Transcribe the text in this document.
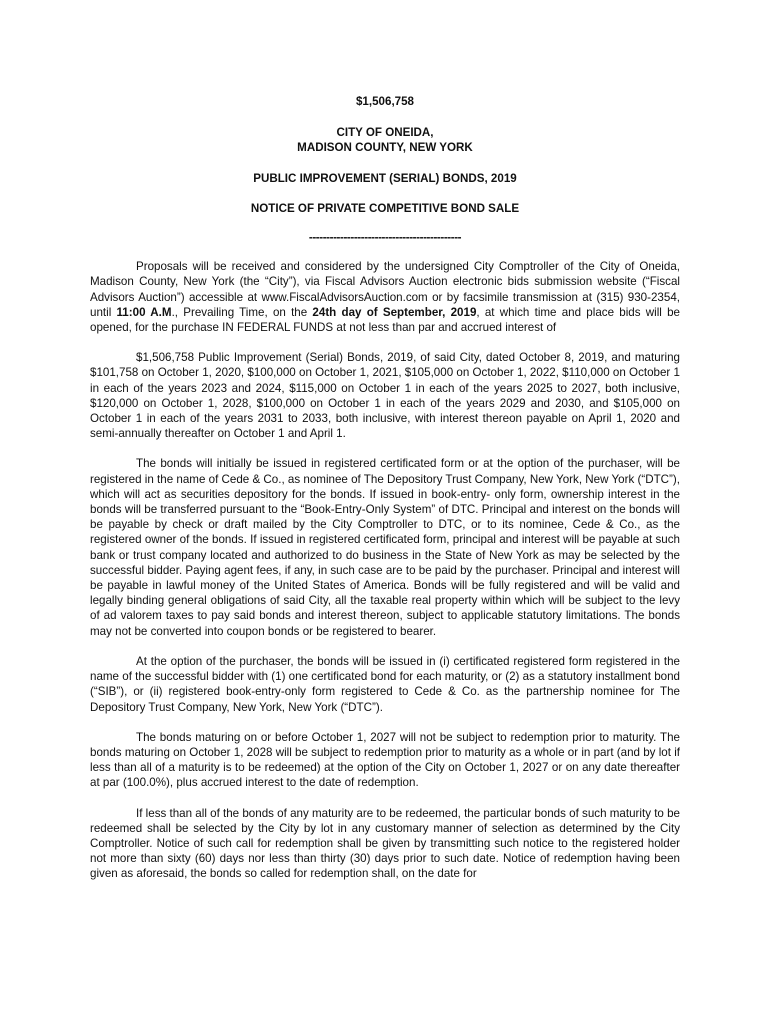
$1,506,758
CITY OF ONEIDA,
MADISON COUNTY, NEW YORK
PUBLIC IMPROVEMENT (SERIAL) BONDS, 2019
NOTICE OF PRIVATE COMPETITIVE BOND SALE
--------------------------------------------

Proposals will be received and considered by the undersigned City Comptroller of the City of Oneida, Madison County, New York (the “City”), via Fiscal Advisors Auction electronic bids submission website (“Fiscal Advisors Auction”) accessible at www.FiscalAdvisorsAuction.com or by facsimile transmission at (315) 930-2354, until 11:00 A.M., Prevailing Time, on the 24th day of September, 2019, at which time and place bids will be opened, for the purchase IN FEDERAL FUNDS at not less than par and accrued interest of

$1,506,758 Public Improvement (Serial) Bonds, 2019, of said City, dated October 8, 2019, and maturing $101,758 on October 1, 2020, $100,000 on October 1, 2021, $105,000 on October 1, 2022, $110,000 on October 1 in each of the years 2023 and 2024, $115,000 on October 1 in each of the years 2025 to 2027, both inclusive, $120,000 on October 1, 2028, $100,000 on October 1 in each of the years 2029 and 2030, and $105,000 on October 1 in each of the years 2031 to 2033, both inclusive, with interest thereon payable on April 1, 2020 and semi-annually thereafter on October 1 and April 1.

The bonds will initially be issued in registered certificated form or at the option of the purchaser, will be registered in the name of Cede & Co., as nominee of The Depository Trust Company, New York, New York (“DTC”), which will act as securities depository for the bonds. If issued in book-entry- only form, ownership interest in the bonds will be transferred pursuant to the “Book-Entry-Only System” of DTC. Principal and interest on the bonds will be payable by check or draft mailed by the City Comptroller to DTC, or to its nominee, Cede & Co., as the registered owner of the bonds. If issued in registered certificated form, principal and interest will be payable at such bank or trust company located and authorized to do business in the State of New York as may be selected by the successful bidder. Paying agent fees, if any, in such case are to be paid by the purchaser. Principal and interest will be payable in lawful money of the United States of America. Bonds will be fully registered and will be valid and legally binding general obligations of said City, all the taxable real property within which will be subject to the levy of ad valorem taxes to pay said bonds and interest thereon, subject to applicable statutory limitations. The bonds may not be converted into coupon bonds or be registered to bearer.

At the option of the purchaser, the bonds will be issued in (i) certificated registered form registered in the name of the successful bidder with (1) one certificated bond for each maturity, or (2) as a statutory installment bond (“SIB”), or (ii) registered book-entry-only form registered to Cede & Co. as the partnership nominee for The Depository Trust Company, New York, New York (“DTC”).

The bonds maturing on or before October 1, 2027 will not be subject to redemption prior to maturity. The bonds maturing on October 1, 2028 will be subject to redemption prior to maturity as a whole or in part (and by lot if less than all of a maturity is to be redeemed) at the option of the City on October 1, 2027 or on any date thereafter at par (100.0%), plus accrued interest to the date of redemption.

If less than all of the bonds of any maturity are to be redeemed, the particular bonds of such maturity to be redeemed shall be selected by the City by lot in any customary manner of selection as determined by the City Comptroller. Notice of such call for redemption shall be given by transmitting such notice to the registered holder not more than sixty (60) days nor less than thirty (30) days prior to such date. Notice of redemption having been given as aforesaid, the bonds so called for redemption shall, on the date for
